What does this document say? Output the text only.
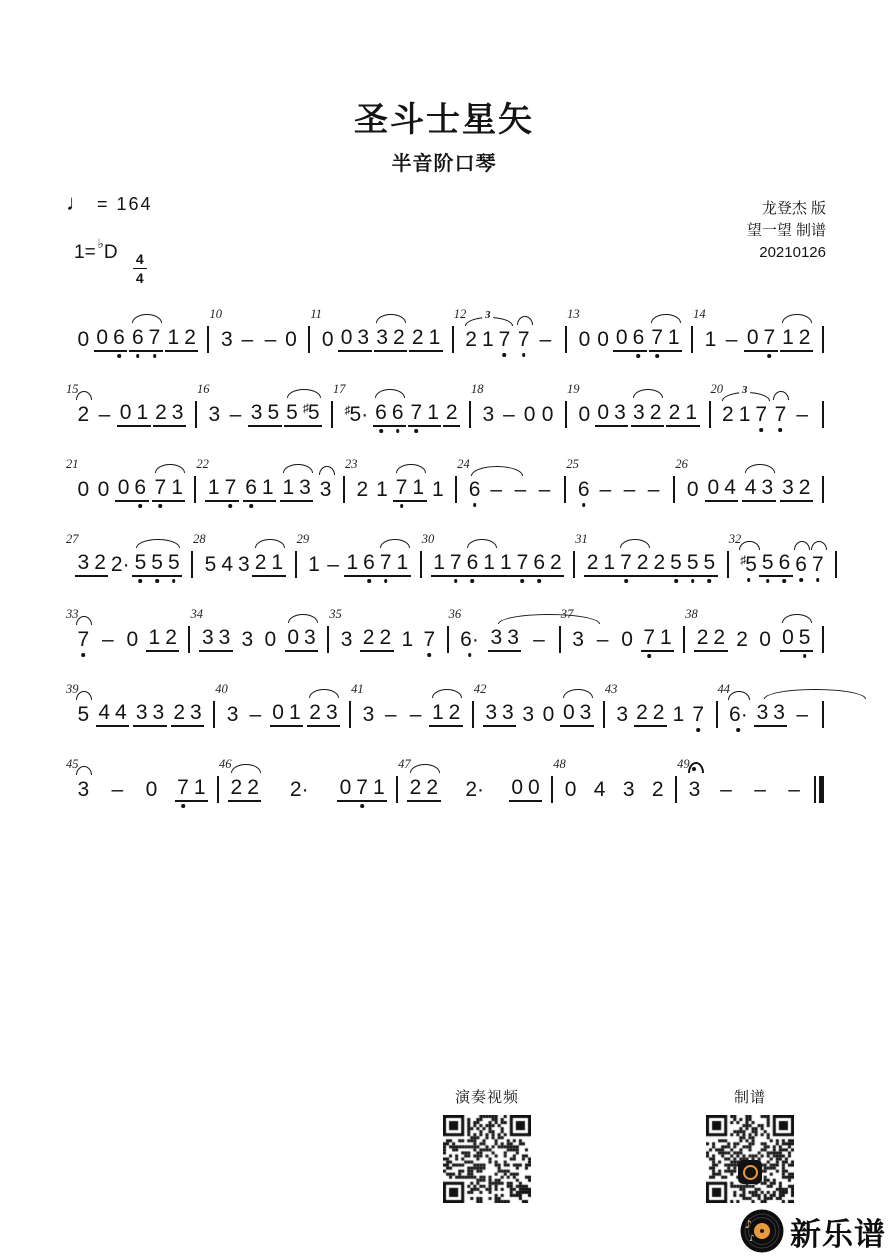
圣斗士星矢
半音阶口琴
♩ = 164
$1= ^♭D \frac{4}{4}$
龙登杰 版
望一望 制谱
20210126
0 0 6 6 7 1 2
10
3 – – 0
11
0 0 3 3 2 2 1
12
2 1 7
3 7 –
13
0 0 0 6 7 1
14
1 – 0 7 1 2
15
2 – 0 1 2 3
16
3 – 3 5 5 ♯5
17
♯5· 6 6 7 1 2
18
3 – 0 0
19
0 0 3 3 2 2 1
20
2 1 7
3 7 –
21
0 0 0 6 7 1
22
1 7 6 1 1 3 3
23
2 1 7 1 1
24
6 – – –
25
6 – – –
26
0 0 4 4 3 3 2
27
3 2 2· 5 5 5
28
5 4 3 2 1
29
1 – 1 6 7 1
30
1 7 6 1 1 7 6 2
31
2 1 7 2 2 5 5 5
32
♯5 5 6 6 7
33
7 – 0 1 2
34
3 3 3 0 0 3
35
3 2 2 1 7
36
6· 3 3 –
37
3 – 0 7 1
38
2 2 2 0 0 5
39
5 4 4 3 3 2 3
40
3 – 0 1 2 3
41
3 – – 1 2
42
3 3 3 0 0 3
43
3 2 2 1 7
44
6· 3 3 –
45
3 – 0 7 1
46
2 2 2· 0 7 1
47
2 2 2· 0 0
48
0 4 3 2
49
3 – – –
演奏视频	制谱
♪
♪ 新乐谱
